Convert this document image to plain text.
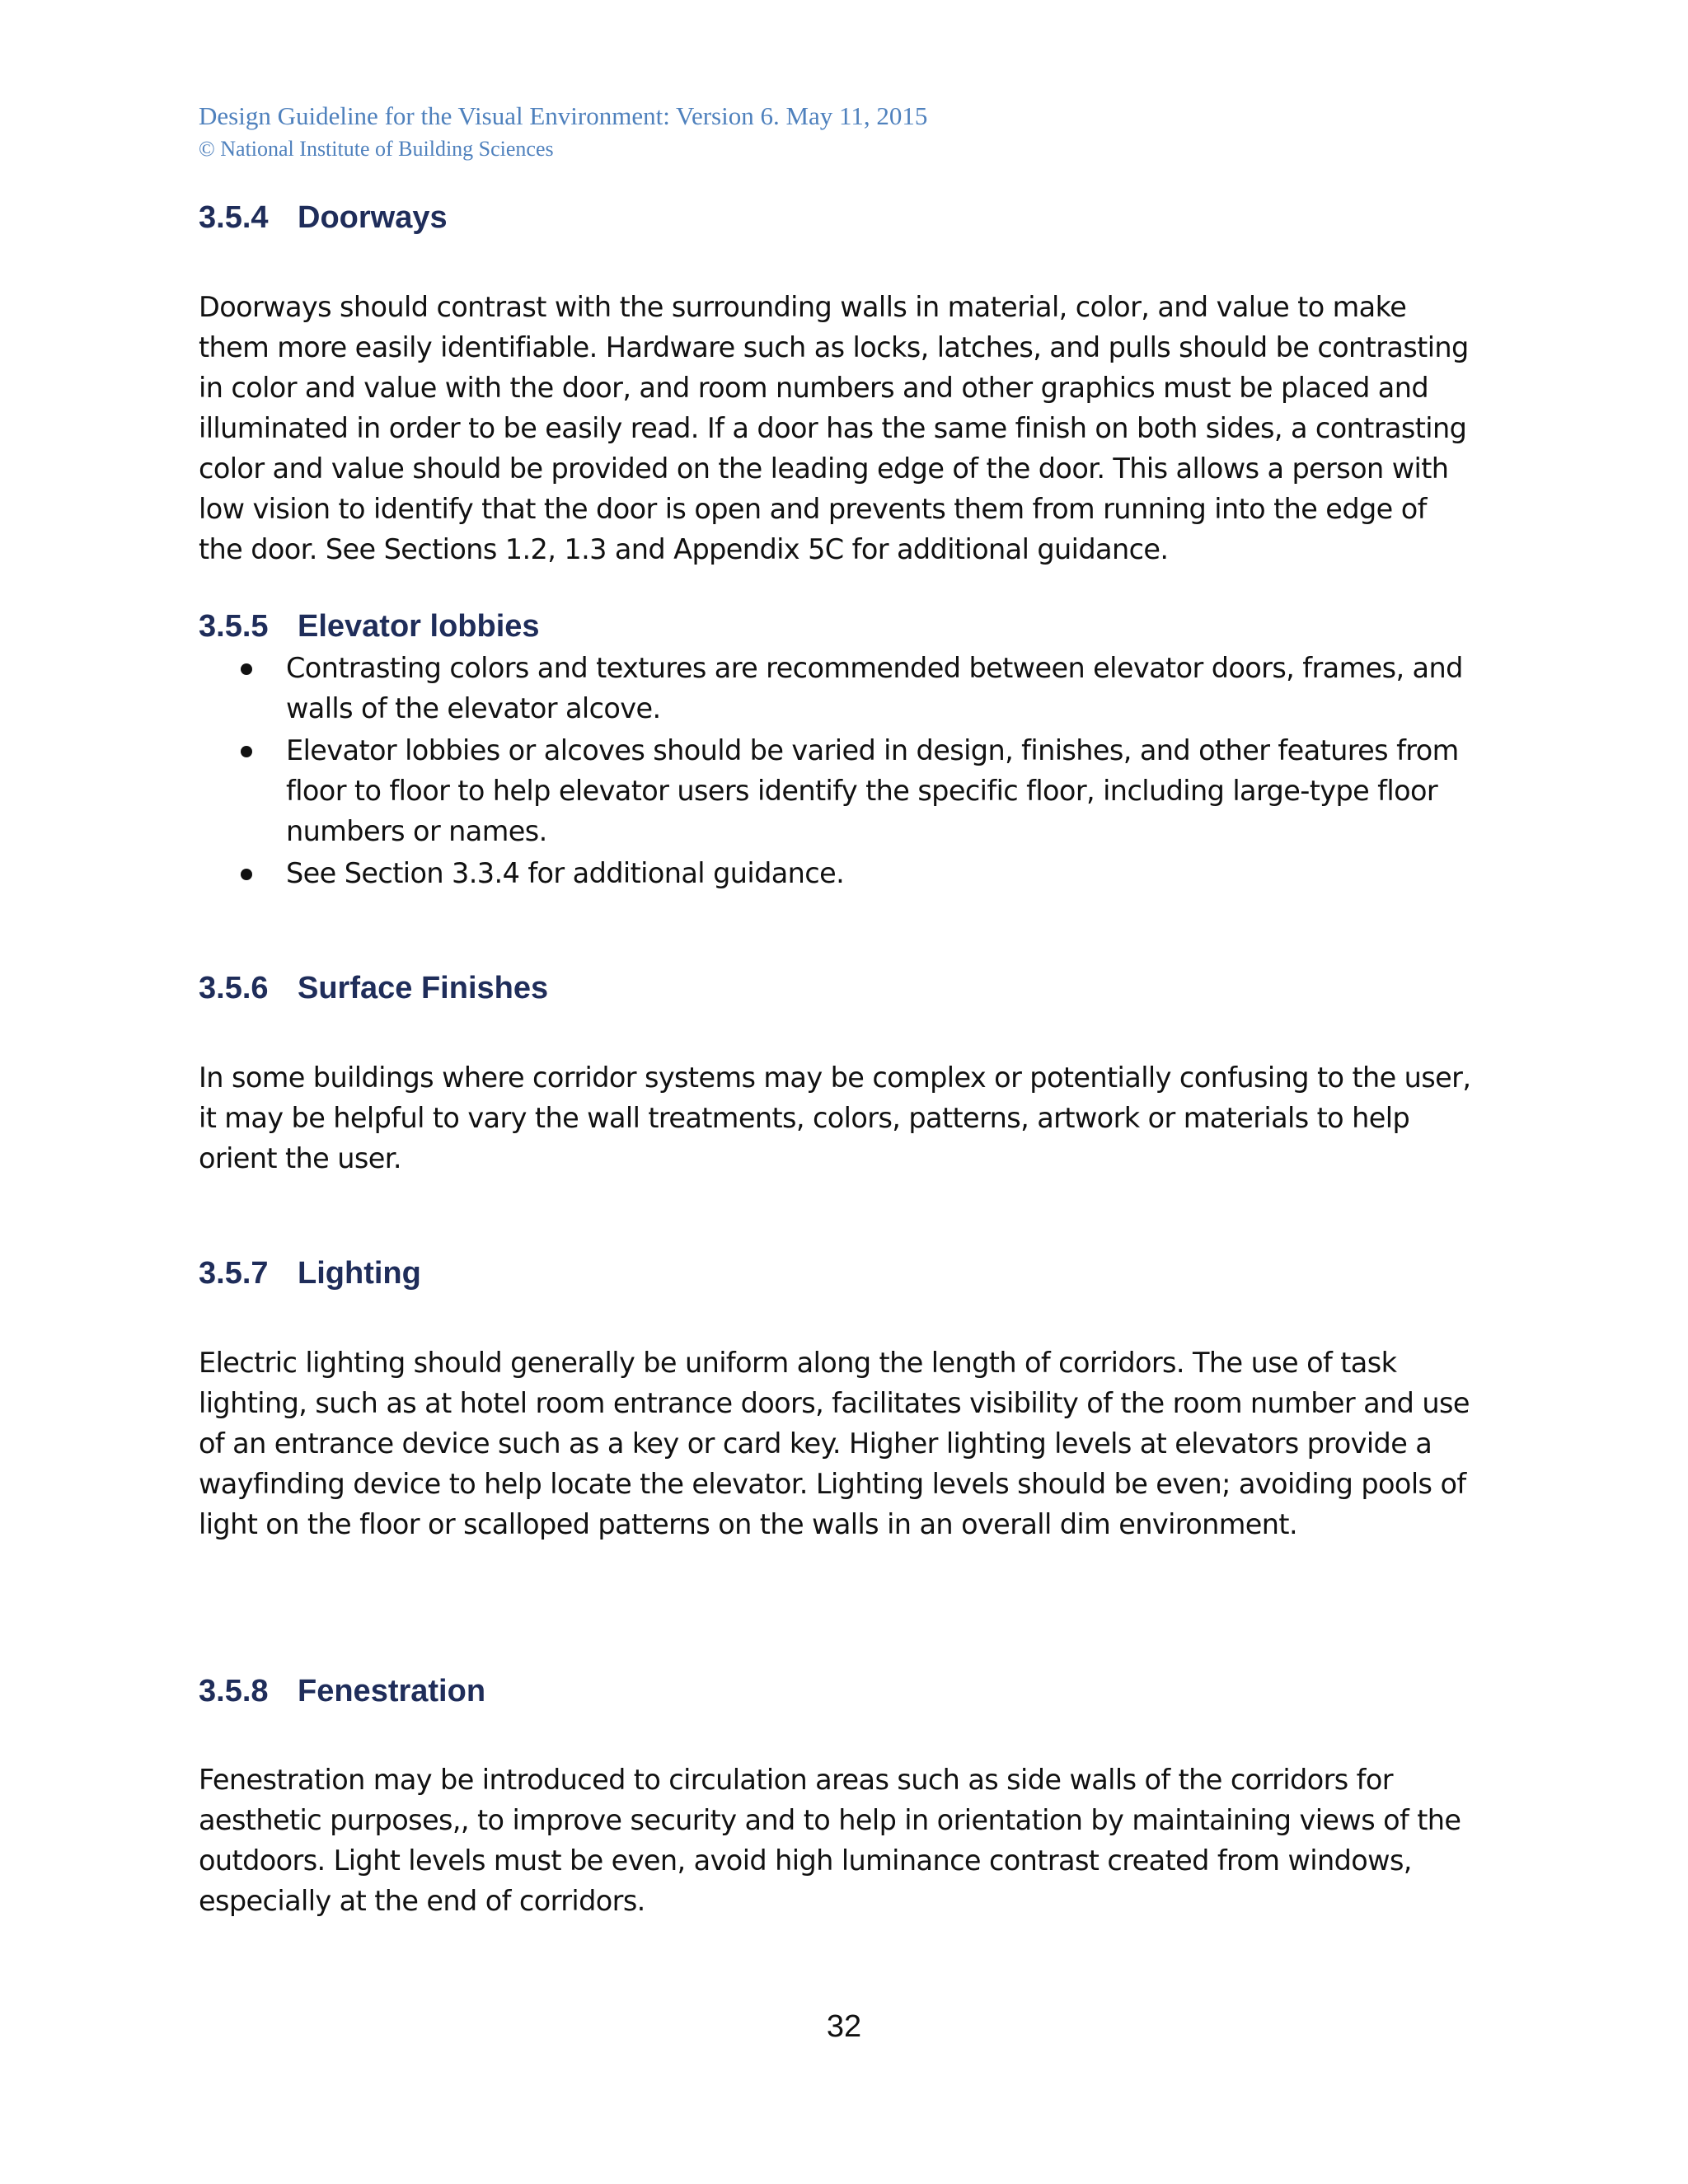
Design Guideline for the Visual Environment: Version 6. May 11, 2015
© National Institute of Building Sciences
3.5.4 Doorways

Doorways should contrast with the surrounding walls in material, color, and value to make
them more easily identifiable. Hardware such as locks, latches, and pulls should be contrasting
in color and value with the door, and room numbers and other graphics must be placed and
illuminated in order to be easily read. If a door has the same finish on both sides, a contrasting
color and value should be provided on the leading edge of the door. This allows a person with
low vision to identify that the door is open and prevents them from running into the edge of
the door. See Sections 1.2, 1.3 and Appendix 5C for additional guidance.

3.5.5 Elevator lobbies
Contrasting colors and textures are recommended between elevator doors, frames, and
walls of the elevator alcove.
Elevator lobbies or alcoves should be varied in design, finishes, and other features from
floor to floor to help elevator users identify the specific floor, including large-type floor
numbers or names.
See Section 3.3.4 for additional guidance.
3.5.6 Surface Finishes

In some buildings where corridor systems may be complex or potentially confusing to the user,
it may be helpful to vary the wall treatments, colors, patterns, artwork or materials to help
orient the user.

3.5.7 Lighting

Electric lighting should generally be uniform along the length of corridors. The use of task
lighting, such as at hotel room entrance doors, facilitates visibility of the room number and use
of an entrance device such as a key or card key. Higher lighting levels at elevators provide a
wayfinding device to help locate the elevator. Lighting levels should be even; avoiding pools of
light on the floor or scalloped patterns on the walls in an overall dim environment.

3.5.8 Fenestration

Fenestration may be introduced to circulation areas such as side walls of the corridors for
aesthetic purposes,, to improve security and to help in orientation by maintaining views of the
outdoors. Light levels must be even, avoid high luminance contrast created from windows,
especially at the end of corridors.

32
